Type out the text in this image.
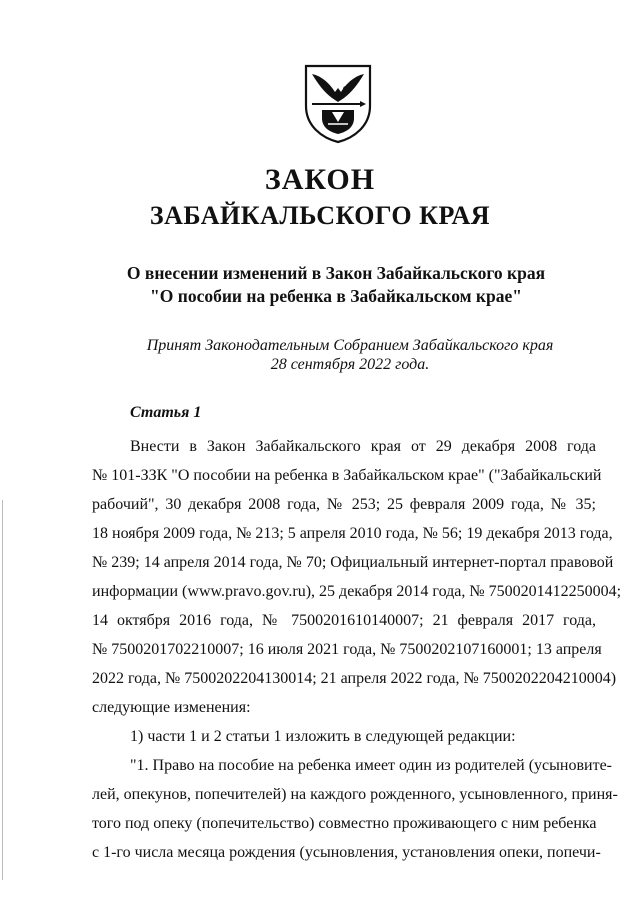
ЗАКОН
ЗАБАЙКАЛЬСКОГО КРАЯ
О внесении изменений в Закон Забайкальского края
"О пособии на ребенка в Забайкальском крае"
Принят Законодательным Собранием Забайкальского края
28 сентября 2022 года.
Статья 1
Внести в Закон Забайкальского края от 29 декабря 2008 года
№ 101-ЗЗК "О пособии на ребенка в Забайкальском крае" ("Забайкальский
рабочий", 30 декабря 2008 года, № 253; 25 февраля 2009 года, № 35;
18 ноября 2009 года, № 213; 5 апреля 2010 года, № 56; 19 декабря 2013 года,
№ 239; 14 апреля 2014 года, № 70; Официальный интернет-портал правовой
информации (www.pravo.gov.ru), 25 декабря 2014 года, № 7500201412250004;
14 октября 2016 года, № 7500201610140007; 21 февраля 2017 года,
№ 7500201702210007; 16 июля 2021 года, № 7500202107160001; 13 апреля
2022 года, № 7500202204130014; 21 апреля 2022 года, № 7500202204210004)
следующие изменения:
1) части 1 и 2 статьи 1 изложить в следующей редакции:
"1. Право на пособие на ребенка имеет один из родителей (усыновите-
лей, опекунов, попечителей) на каждого рожденного, усыновленного, приня-
того под опеку (попечительство) совместно проживающего с ним ребенка
с 1-го числа месяца рождения (усыновления, установления опеки, попечи-
